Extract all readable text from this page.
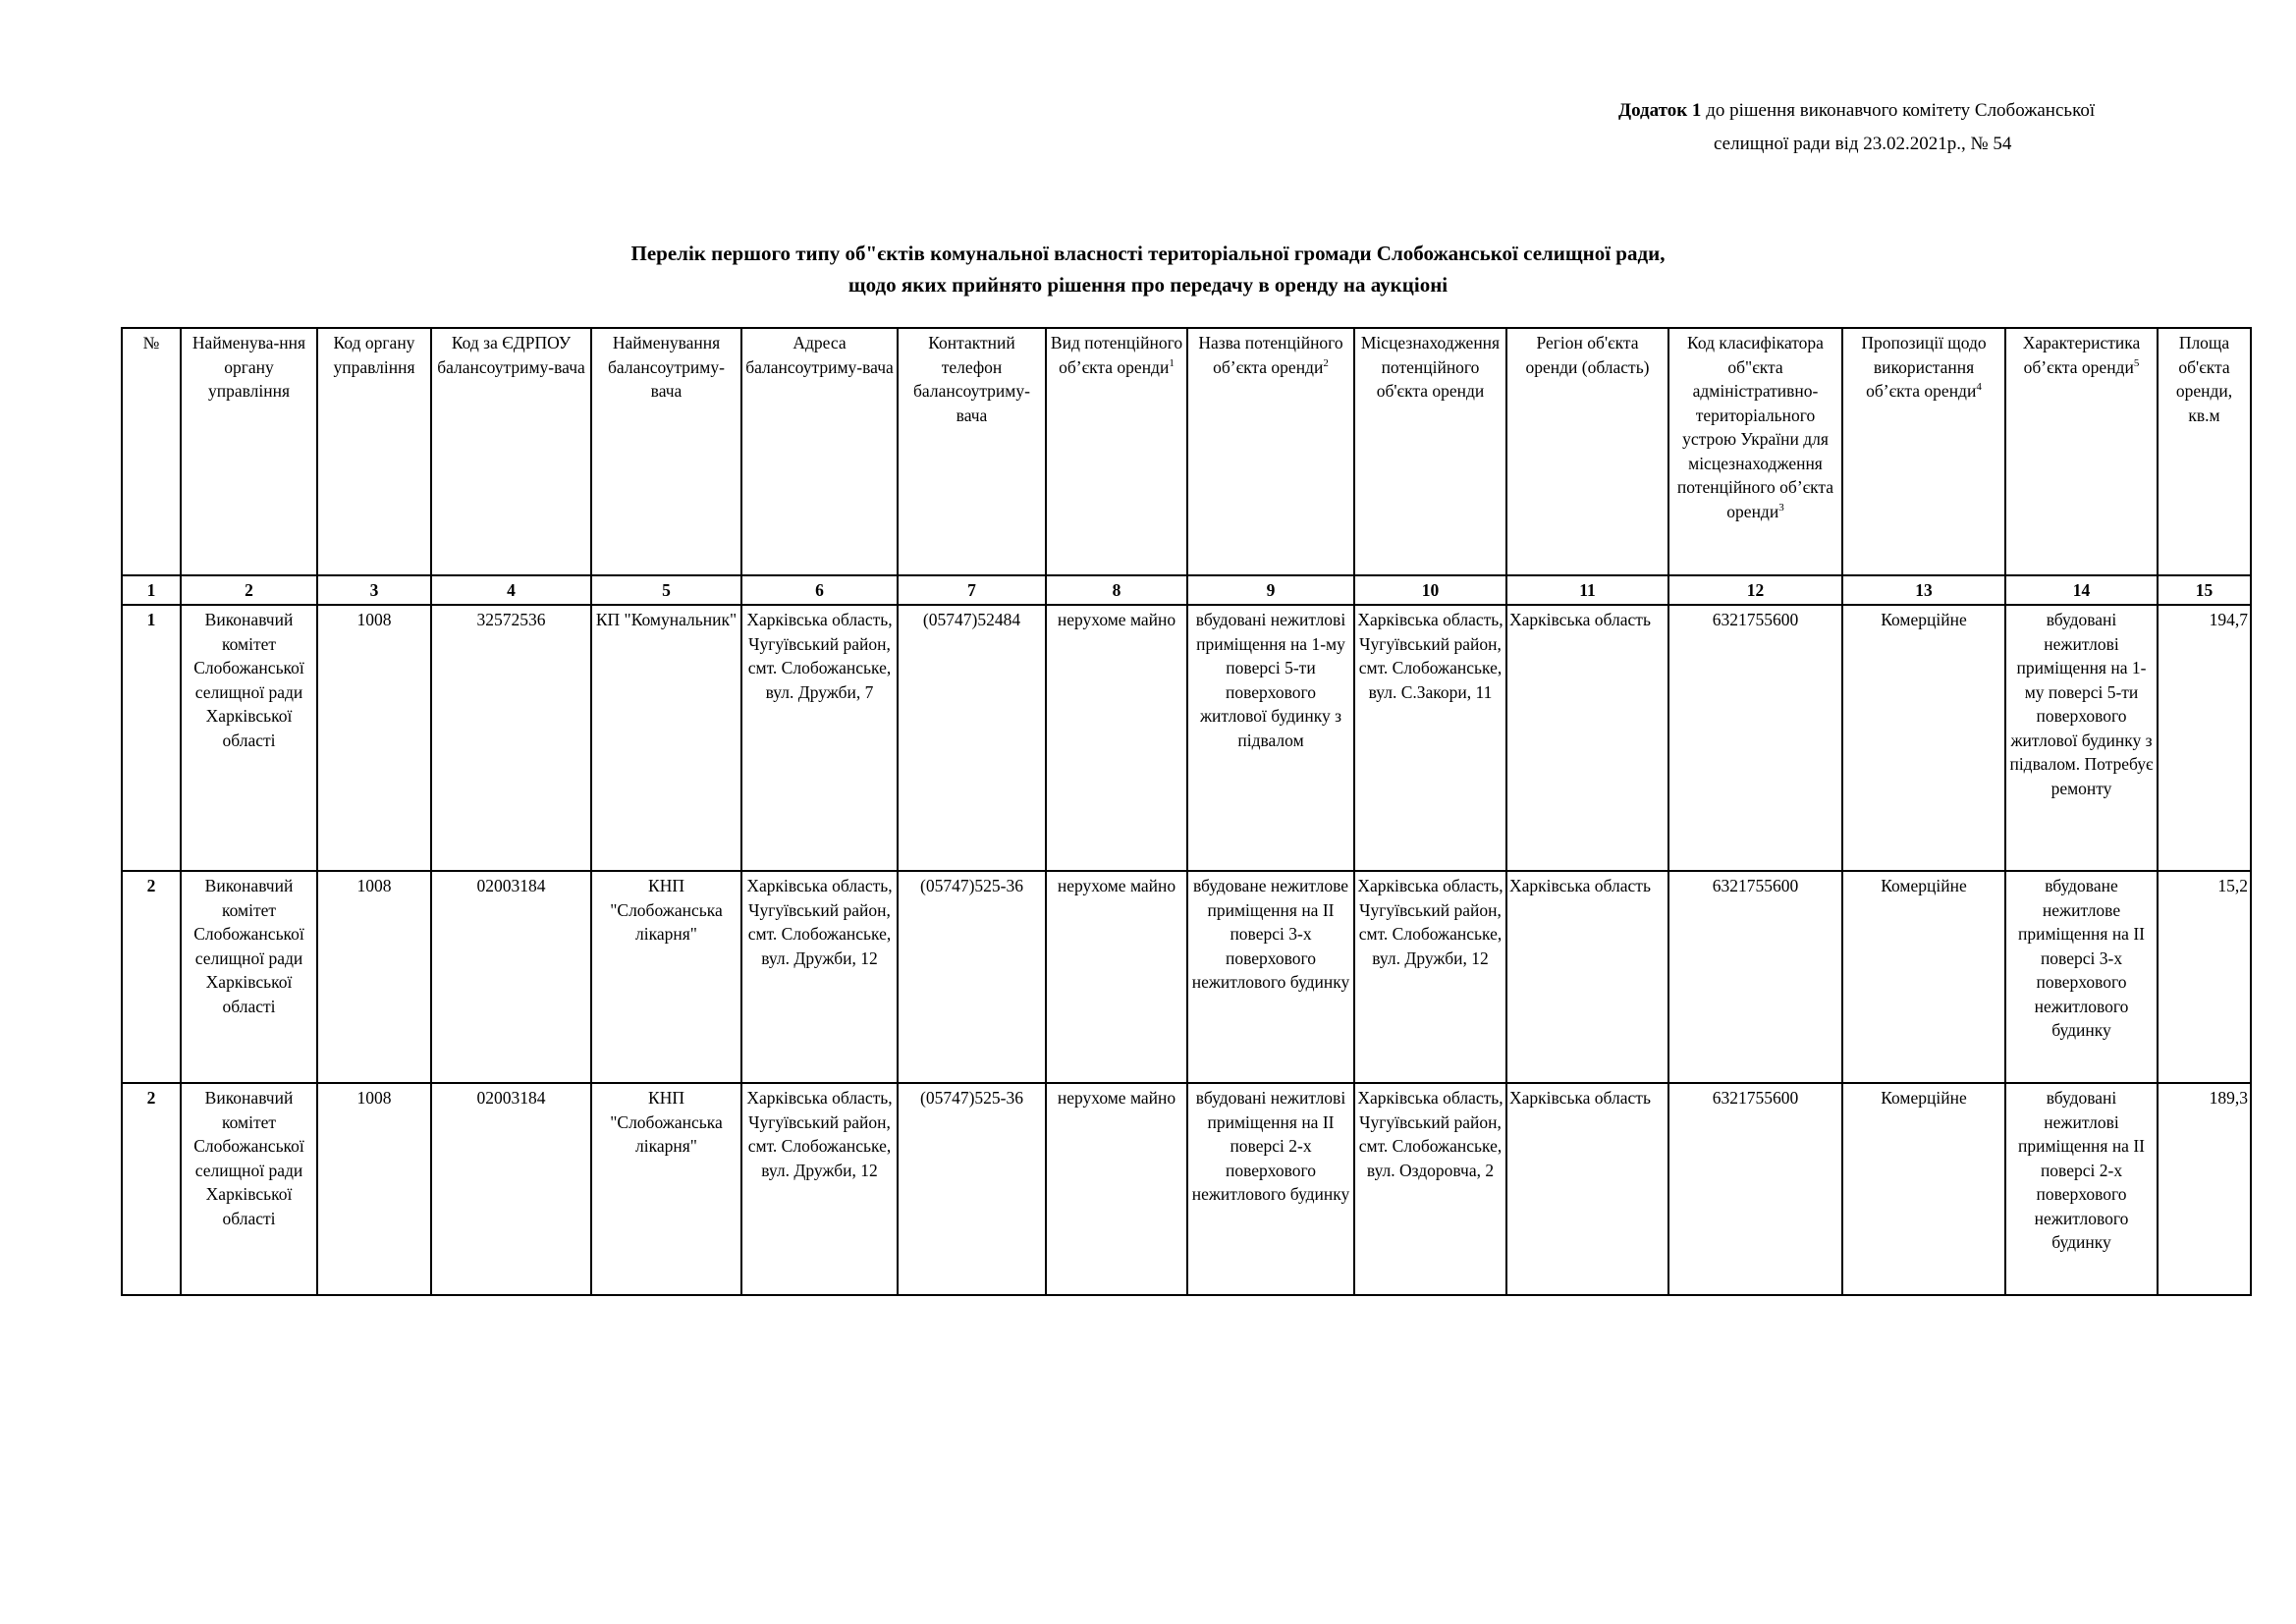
Додаток 1 до рішення виконавчого комітету Слобожанської
селищної ради від 23.02.2021р., № 54
Перелік першого типу об"єктів комунальної власності територіальної громади Слобожанської селищної ради,
щодо яких прийнято рішення про передачу в оренду на аукціоні
№	Найменува-ння органу управління	Код органу управління	Код за ЄДРПОУ балансоутриму-вача	Найменування балансоутриму-вача	Адреса балансоутриму-вача	Контактний телефон балансоутриму-вача	Вид потенційного об’єкта оренди$^1$	Назва потенційного об’єкта оренди$^2$	Місцезнаходження потенційного об'єкта оренди	Регіон об'єкта оренди (область)	Код класифікатора об"єкта адміністративно-територіального устрою України для місцезнаходження потенційного об’єкта оренди$^3$	Пропозиції щодо використання об’єкта оренди$^4$	Характеристика об’єкта оренди$^5$	Площа об'єкта оренди, кв.м
1	2	3	4	5	6	7	8	9	10	11	12	13	14	15
1	Виконавчий комітет Слобожанської селищної ради Харківської області	1008	32572536	КП "Комунальник"	Харківська область, Чугуївський район, смт. Слобожанське, вул. Дружби, 7	(05747)52484	нерухоме майно	вбудовані нежитлові приміщення на 1-му поверсі 5-ти поверхового житлової будинку з підвалом	Харківська область, Чугуївський район, смт. Слобожанське, вул. С.Закори, 11	Харківська область	6321755600	Комерційне	вбудовані нежитлові приміщення на 1-му поверсі 5-ти поверхового житлової будинку з підвалом. Потребує ремонту	194,7
2	Виконавчий комітет Слобожанської селищної ради Харківської області	1008	02003184	КНП "Слобожанська лікарня"	Харківська область, Чугуївський район, смт. Слобожанське, вул. Дружби, 12	(05747)525-36	нерухоме майно	вбудоване нежитлове приміщення на ІІ поверсі 3-х поверхового нежитлового будинку	Харківська область, Чугуївський район, смт. Слобожанське, вул. Дружби, 12	Харківська область	6321755600	Комерційне	вбудоване нежитлове приміщення на ІІ поверсі 3-х поверхового нежитлового будинку	15,2
2	Виконавчий комітет Слобожанської селищної ради Харківської області	1008	02003184	КНП "Слобожанська лікарня"	Харківська область, Чугуївський район, смт. Слобожанське, вул. Дружби, 12	(05747)525-36	нерухоме майно	вбудовані нежитлові приміщення на ІІ поверсі 2-х поверхового нежитлового будинку	Харківська область, Чугуївський район, смт. Слобожанське, вул. Оздоровча, 2	Харківська область	6321755600	Комерційне	вбудовані нежитлові приміщення на ІІ поверсі 2-х поверхового нежитлового будинку	189,3
